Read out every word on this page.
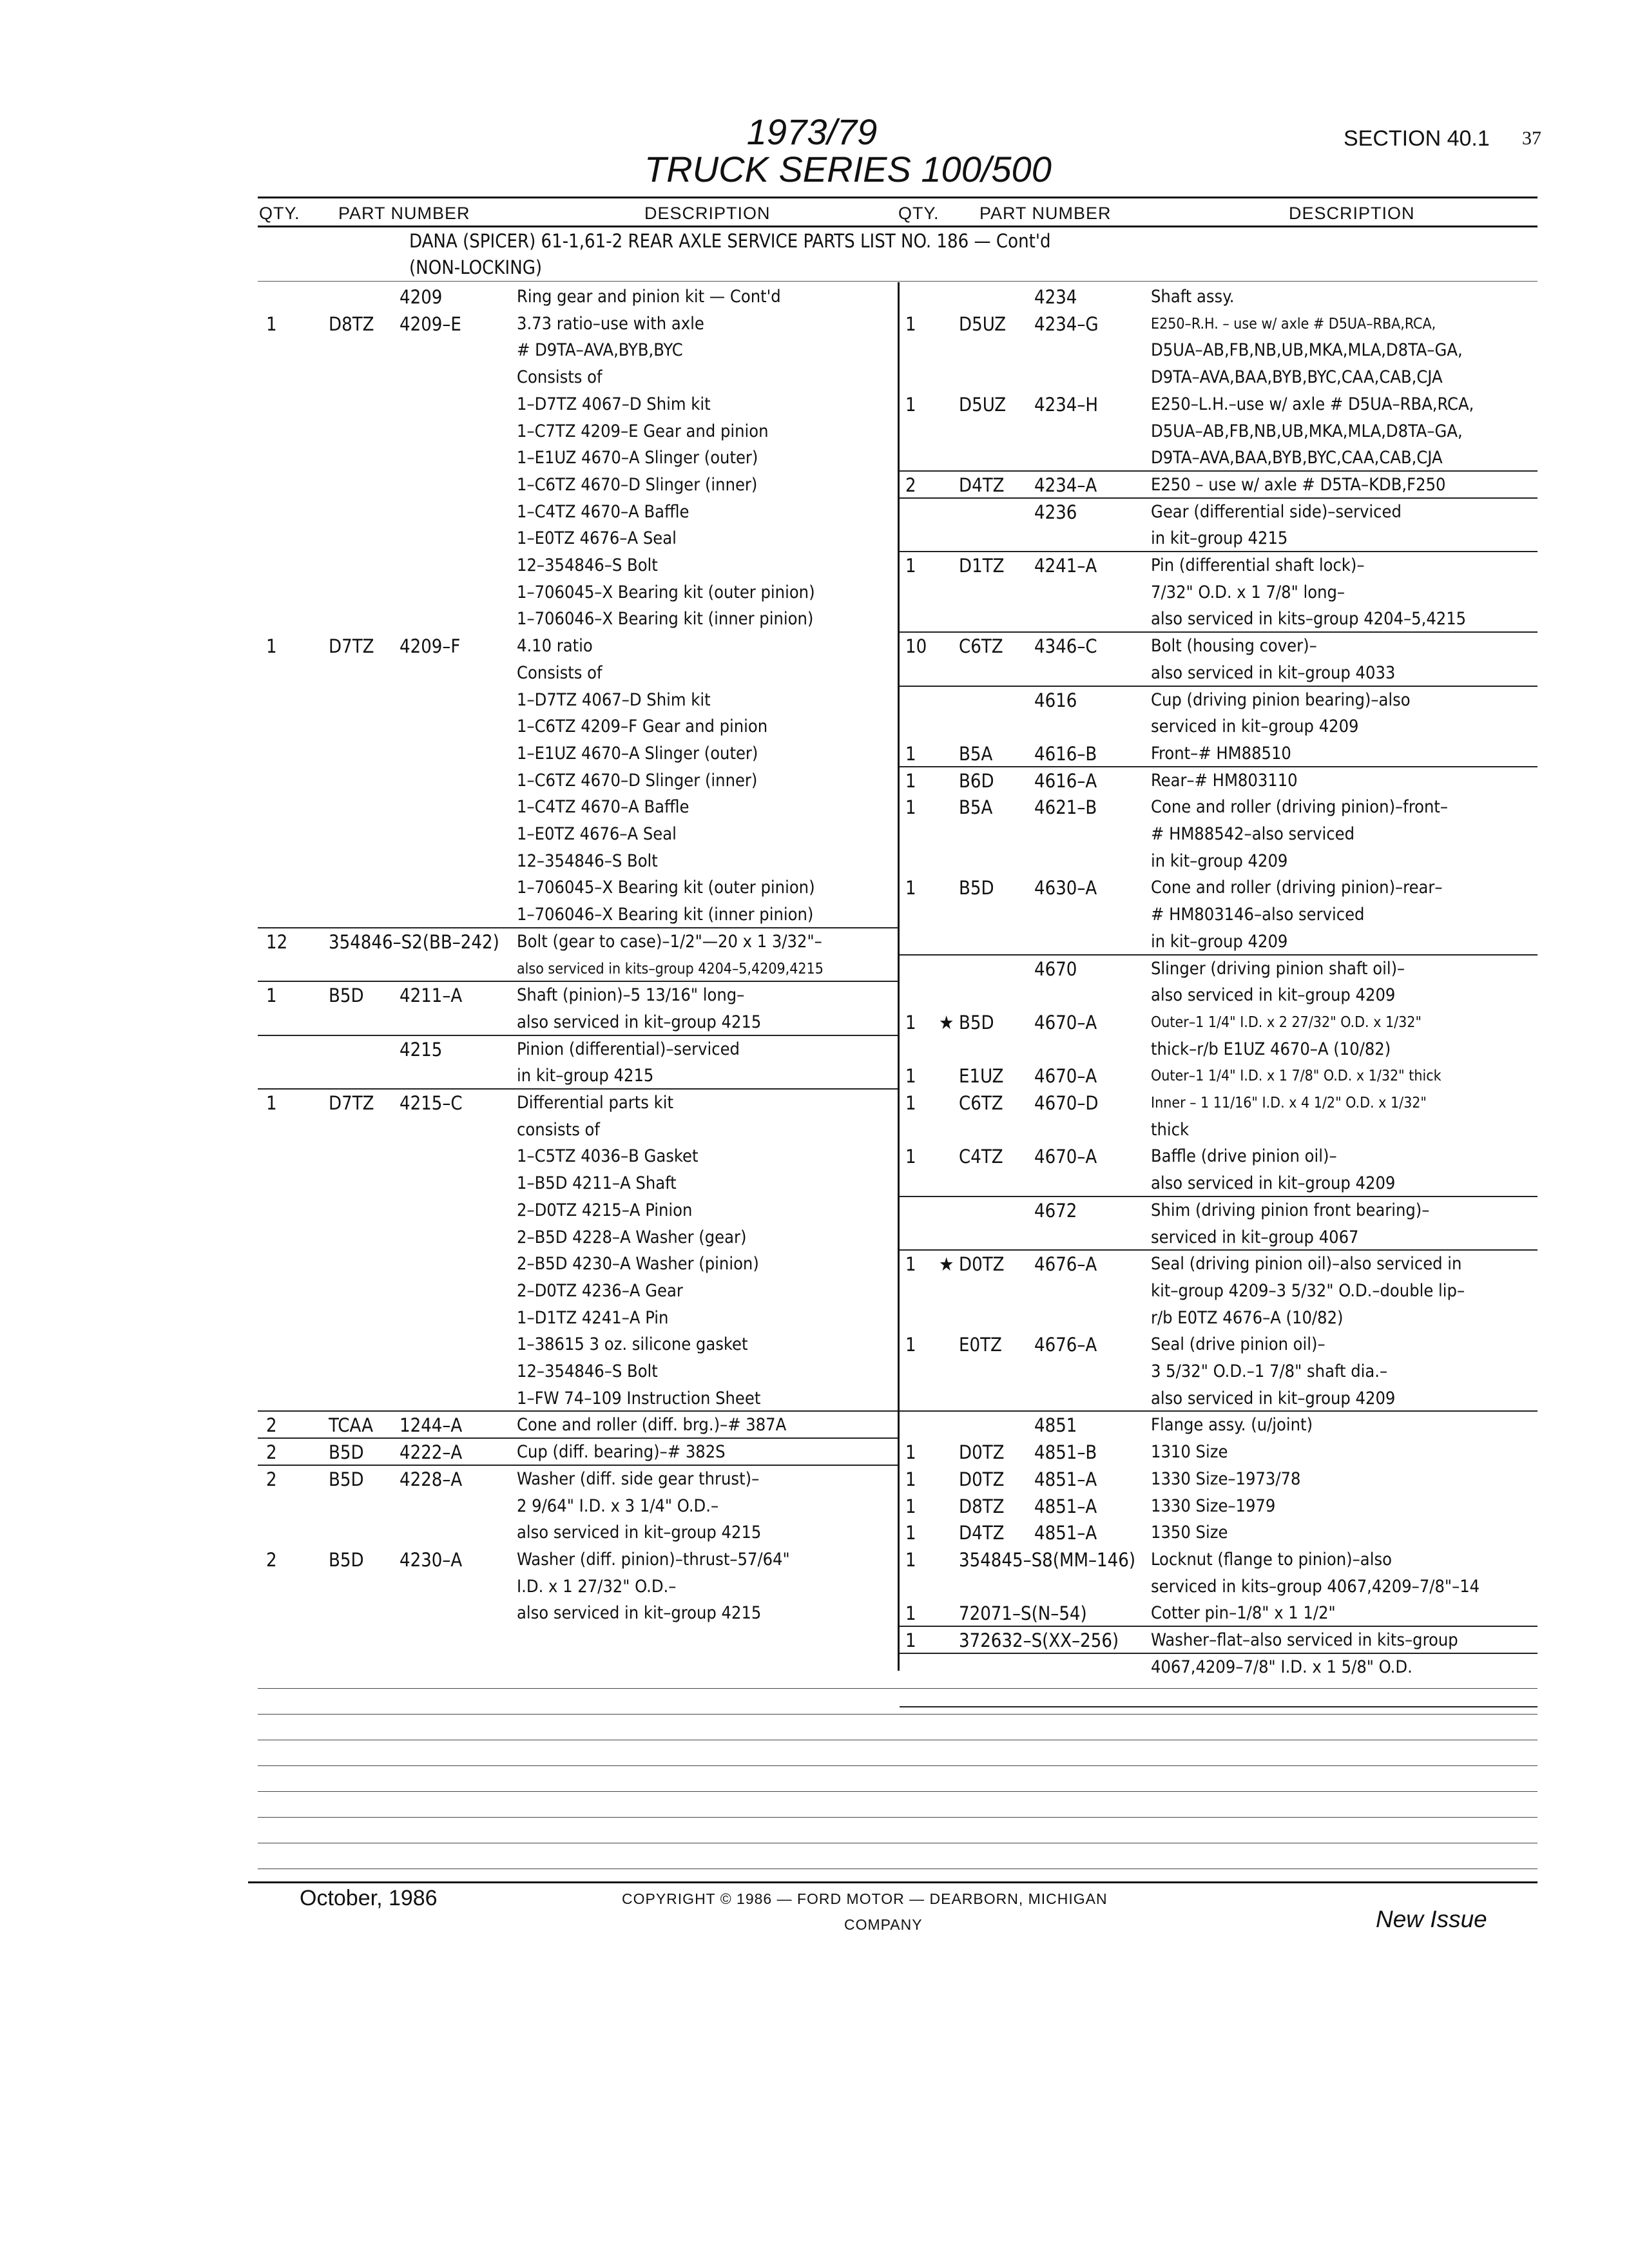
1973/79
TRUCK SERIES 100/500
SECTION 40.1 37
QTY. PART NUMBER	DESCRIPTION	QTY. PART NUMBER	DESCRIPTION
DANA (SPICER) 61-1,61-2 REAR AXLE SERVICE PARTS LIST NO. 186 — Cont'd
(NON-LOCKING)
4209	Ring gear and pinion kit — Cont'd
1	D8TZ 4209–E	3.73 ratio–use with axle
# D9TA–AVA,BYB,BYC
Consists of
1–D7TZ 4067–D Shim kit
1–C7TZ 4209–E Gear and pinion
1–E1UZ 4670–A Slinger (outer)
1–C6TZ 4670–D Slinger (inner)
1–C4TZ 4670–A Baffle
1–E0TZ 4676–A Seal
12–354846–S Bolt
1–706045–X Bearing kit (outer pinion)
1–706046–X Bearing kit (inner pinion)
1	D7TZ 4209–F	4.10 ratio
Consists of
1–D7TZ 4067–D Shim kit
1–C6TZ 4209–F Gear and pinion
1–E1UZ 4670–A Slinger (outer)
1–C6TZ 4670–D Slinger (inner)
1–C4TZ 4670–A Baffle
1–E0TZ 4676–A Seal
12–354846–S Bolt
1–706045–X Bearing kit (outer pinion)
1–706046–X Bearing kit (inner pinion)
12 354846–S2(BB–242) Bolt (gear to case)–1/2"—20 x 1 3/32"–
also serviced in kits–group 4204–5,4209,4215
1	B5D 4211–A	Shaft (pinion)–5 13/16" long–
also serviced in kit–group 4215
4215	Pinion (differential)–serviced
in kit–group 4215
1	D7TZ 4215–C	Differential parts kit
consists of
1–C5TZ 4036–B Gasket
1–B5D 4211–A Shaft
2–D0TZ 4215–A Pinion
2–B5D 4228–A Washer (gear)
2–B5D 4230–A Washer (pinion)
2–D0TZ 4236–A Gear
1–D1TZ 4241–A Pin
1–38615 3 oz. silicone gasket
12–354846–S Bolt
1–FW 74–109 Instruction Sheet
2	TCAA 1244–A	Cone and roller (diff. brg.)–# 387A
2	B5D 4222–A	Cup (diff. bearing)–# 382S
2	B5D 4228–A	Washer (diff. side gear thrust)–
2 9/64" I.D. x 3 1/4" O.D.–
also serviced in kit–group 4215
2	B5D 4230–A	Washer (diff. pinion)–thrust–57/64"
I.D. x 1 27/32" O.D.–
also serviced in kit–group 4215
4234	Shaft assy.
1 D5UZ 4234–G	E250–R.H. – use w/ axle # D5UA–RBA,RCA,
D5UA–AB,FB,NB,UB,MKA,MLA,D8TA–GA,
D9TA–AVA,BAA,BYB,BYC,CAA,CAB,CJA
1 D5UZ 4234–H	E250–L.H.–use w/ axle # D5UA–RBA,RCA,
D5UA–AB,FB,NB,UB,MKA,MLA,D8TA–GA,
D9TA–AVA,BAA,BYB,BYC,CAA,CAB,CJA
2 D4TZ 4234–A	E250 – use w/ axle # D5TA–KDB,F250
4236	Gear (differential side)–serviced
in kit–group 4215
1 D1TZ 4241–A	Pin (differential shaft lock)–
7/32" O.D. x 1 7/8" long–
also serviced in kits–group 4204–5,4215
10 C6TZ 4346–C	Bolt (housing cover)–
also serviced in kit–group 4033
4616	Cup (driving pinion bearing)–also
serviced in kit–group 4209
1 B5A 4616–B	Front–# HM88510
1 B6D 4616–A	Rear–# HM803110
1 B5A 4621–B	Cone and roller (driving pinion)–front–
# HM88542–also serviced
in kit–group 4209
1 B5D 4630–A	Cone and roller (driving pinion)–rear–
# HM803146–also serviced
in kit–group 4209
4670	Slinger (driving pinion shaft oil)–
also serviced in kit–group 4209
1 ★ B5D 4670–A	Outer–1 1/4" I.D. x 2 27/32" O.D. x 1/32"
thick–r/b E1UZ 4670–A (10/82)
1 E1UZ 4670–A	Outer–1 1/4" I.D. x 1 7/8" O.D. x 1/32" thick
1 C6TZ 4670–D	Inner – 1 11/16" I.D. x 4 1/2" O.D. x 1/32"
thick
1 C4TZ 4670–A	Baffle (drive pinion oil)–
also serviced in kit–group 4209
4672	Shim (driving pinion front bearing)–
serviced in kit–group 4067
1 ★ D0TZ 4676–A	Seal (driving pinion oil)–also serviced in
kit–group 4209–3 5/32" O.D.–double lip–
r/b E0TZ 4676–A (10/82)
1 E0TZ 4676–A	Seal (drive pinion oil)–
3 5/32" O.D.–1 7/8" shaft dia.–
also serviced in kit–group 4209
4851	Flange assy. (u/joint)
1 D0TZ 4851–B	1310 Size
1 D0TZ 4851–A	1330 Size–1973/78
1 D8TZ 4851–A	1330 Size–1979
1 D4TZ 4851–A	1350 Size
1 354845–S8(MM–146) Locknut (flange to pinion)–also
serviced in kits–group 4067,4209–7/8"–14
1 72071–S(N–54)	Cotter pin–1/8" x 1 1/2"
1 372632–S(XX–256) Washer–flat–also serviced in kits–group
4067,4209–7/8" I.D. x 1 5/8" O.D.
October, 1986	COPYRIGHT © 1986 — FORD MOTOR — DEARBORN, MICHIGAN
COMPANY	New Issue
